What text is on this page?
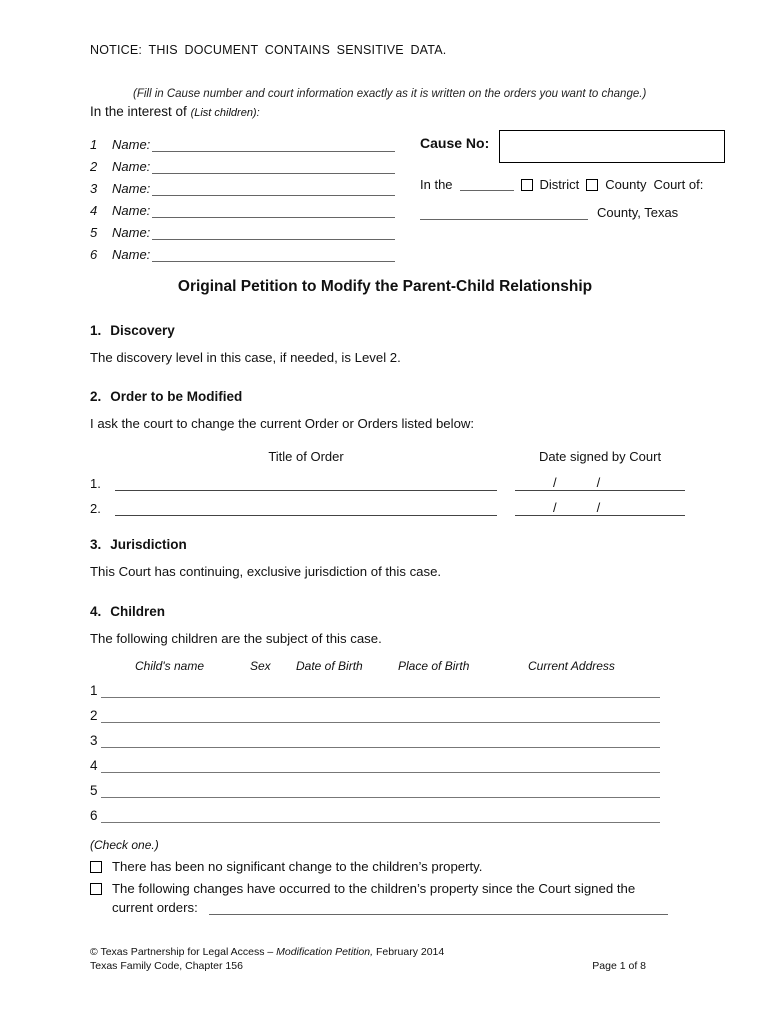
NOTICE: THIS DOCUMENT CONTAINS SENSITIVE DATA.
(Fill in Cause number and court information exactly as it is written on the orders you want to change.)
In the interest of (List children):
1	Name:
2	Name:
3	Name:
4	Name:
5	Name:
6	Name:
Cause No:
In the	District County Court of:
County, Texas
Original Petition to Modify the Parent-Child Relationship
1. Discovery
The discovery level in this case, if needed, is Level 2.
2. Order to be Modified
I ask the court to change the current Order or Orders listed below:
Title of Order	Date signed by Court
1.	/	/
2.	/	/
3. Jurisdiction
This Court has continuing, exclusive jurisdiction of this case.
4. Children
The following children are the subject of this case.
Child's name	Sex Date of Birth	Place of Birth	Current Address
1
2
3
4
5
6
(Check one.)
There has been no significant change to the children’s property.
The following changes have occurred to the children’s property since the Court signed the
current orders:
© Texas Partnership for Legal Access – Modification Petition, February 2014
Texas Family Code, Chapter 156	Page 1 of 8
